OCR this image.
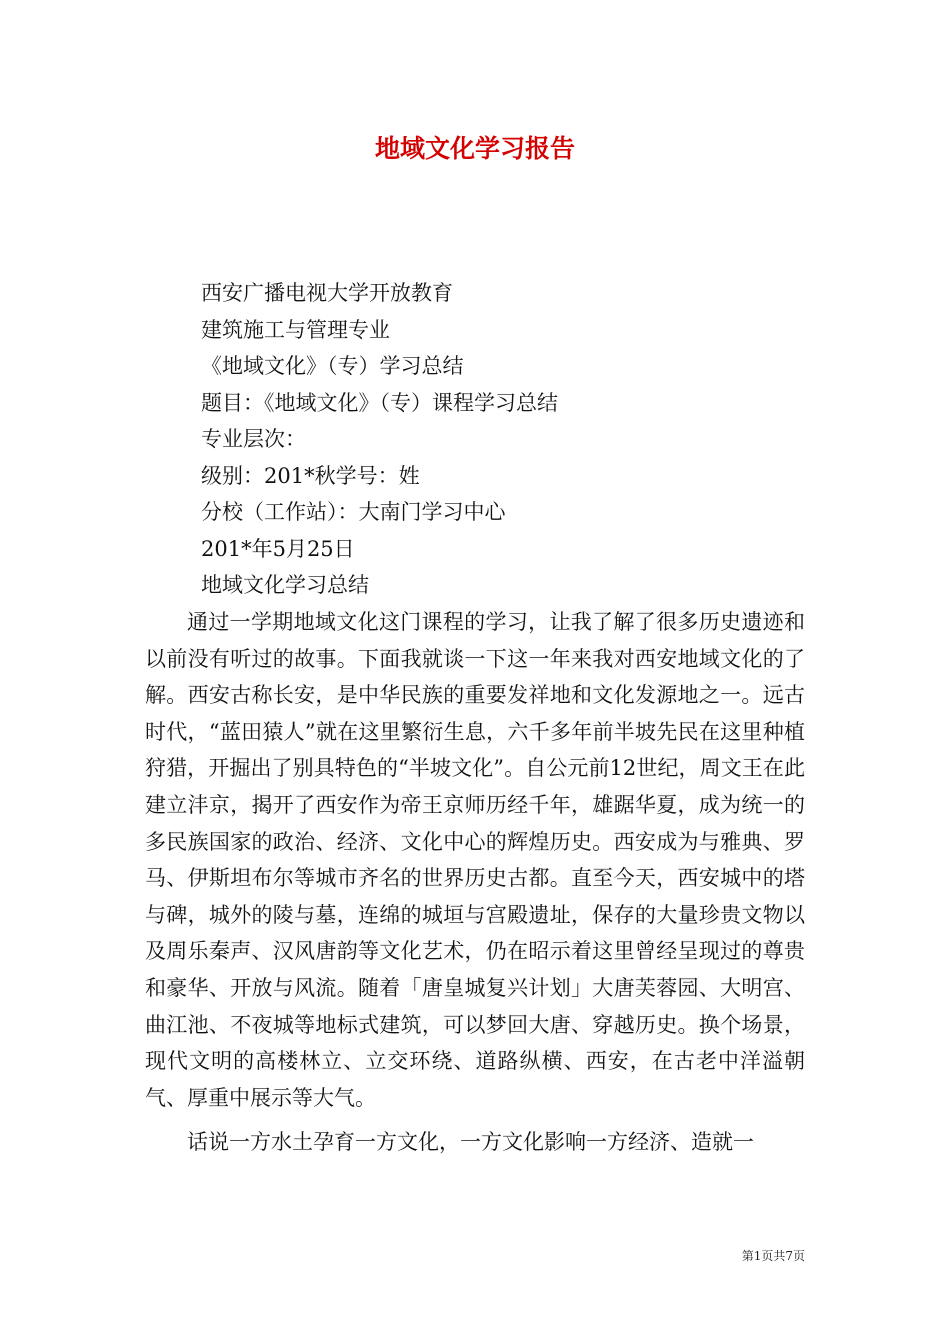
地域文化学习报告
西安广播电视大学开放教育
建筑施工与管理专业
《地域文化》（专）学习总结
题目：《地域文化》（专）课程学习总结
专业层次：
级别：201*秋学号：姓
分校（工作站）：大南门学习中心
201*年5月25日
地域文化学习总结

通过一学期地域文化这门课程的学习，让我了解了很多历史遗迹和以前没有听过的故事。下面我就谈一下这一年来我对西安地域文化的了解。西安古称长安，是中华民族的重要发祥地和文化发源地之一。远古时代，“蓝田猿人”就在这里繁衍生息，六千多年前半坡先民在这里种植狩猎，开掘出了别具特色的“半坡文化”。自公元前12世纪，周文王在此建立沣京，揭开了西安作为帝王京师历经千年，雄踞华夏，成为统一的多民族国家的政治、经济、文化中心的辉煌历史。西安成为与雅典、罗马、伊斯坦布尔等城市齐名的世界历史古都。直至今天，西安城中的塔与碑，城外的陵与墓，连绵的城垣与宫殿遗址，保存的大量珍贵文物以及周乐秦声、汉风唐韵等文化艺术，仍在昭示着这里曾经呈现过的尊贵和豪华、开放与风流。随着「唐皇城复兴计划」大唐芙蓉园、大明宫、曲江池、不夜城等地标式建筑，可以梦回大唐、穿越历史。换个场景，现代文明的高楼林立、立交环绕、道路纵横、西安，在古老中洋溢朝气、厚重中展示等大气。

话说一方水土孕育一方文化，一方文化影响一方经济、造就一

第1页共7页
